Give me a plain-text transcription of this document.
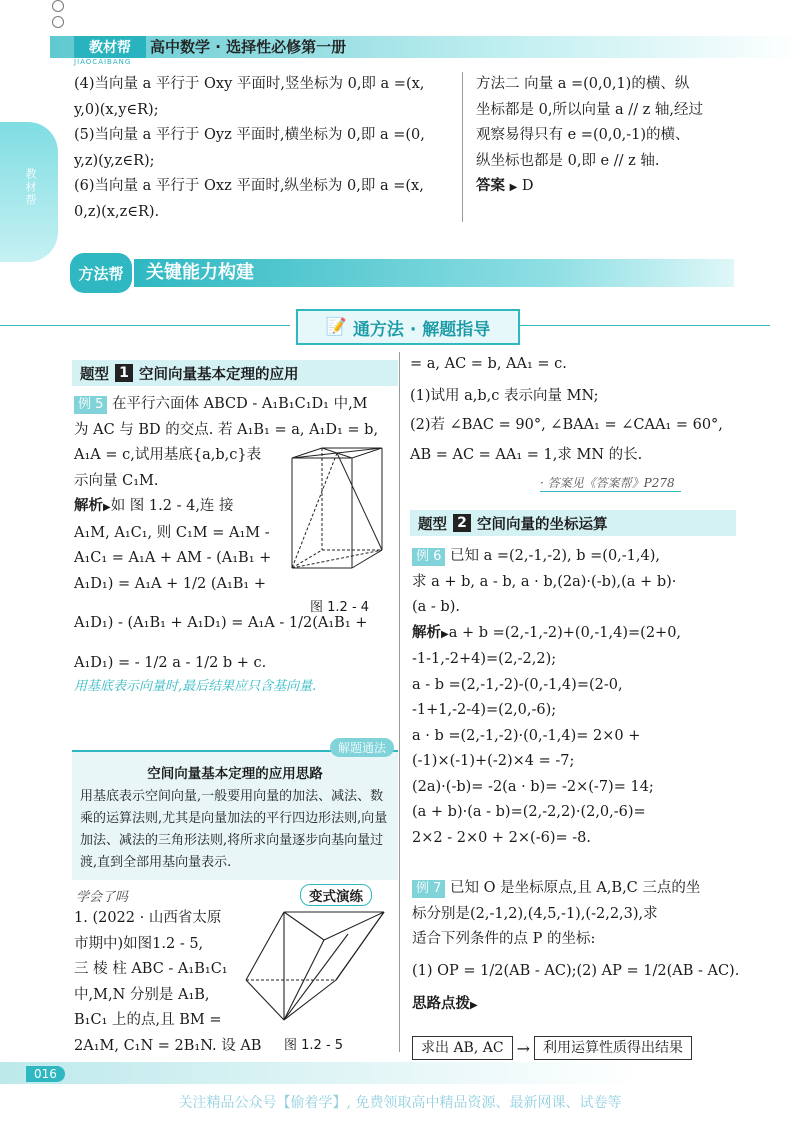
教材帮
JIAOCAIBANG
高中数学 · 选择性必修第一册
教材帮
(4)当向量 a 平行于 Oxy 平面时,竖坐标为 0,即 a =(x,
y,0)(x,y∈R);
(5)当向量 a 平行于 Oyz 平面时,横坐标为 0,即 a =(0,
y,z)(y,z∈R);
(6)当向量 a 平行于 Oxz 平面时,纵坐标为 0,即 a =(x,
0,z)(x,z∈R).
方法二 向量 a =(0,0,1)的横、纵
坐标都是 0,所以向量 a // z 轴,经过
观察易得只有 e =(0,0,-1)的横、
纵坐标也都是 0,即 e // z 轴.
答案 ▶ D
方法帮	关键能力构建
📝 通方法 · 解题指导
题型 1 空间向量基本定理的应用
例 5 在平行六面体 ABCD - A₁B₁C₁D₁ 中,M
为 AC 与 BD 的交点. 若 A₁B₁ = a, A₁D₁ = b,
A₁A = c,试用基底{a,b,c}表
示向量 C₁M.
解析▶如 图 1.2 - 4,连 接
A₁M, A₁C₁, 则 C₁M = A₁M -
A₁C₁ = A₁A + AM - (A₁B₁ +
A₁D₁) = A₁A + 1/2 (A₁B₁ +
A₁D₁) - (A₁B₁ + A₁D₁) = A₁A - 1/2(A₁B₁ +
A₁D₁) = - 1/2 a - 1/2 b + c.
用基底表示向量时,最后结果应只含基向量.
图 1.2 - 4
解题通法
空间向量基本定理的应用思路
用基底表示空间向量,一般要用向量的加法、减法、数乘的运算法则,尤其是向量加法的平行四边形法则,向量加法、减法的三角形法则,将所求向量逐步向基向量过渡,直到全部用基向量表示.
学会了吗	变式演练
1. (2022 · 山西省太原
市期中)如图1.2 - 5,
三 棱 柱 ABC - A₁B₁C₁
中,M,N 分别是 A₁B,
B₁C₁ 上的点,且 BM =
2A₁M, C₁N = 2B₁N. 设 AB 图 1.2 - 5
= a, AC = b, AA₁ = c.
(1)试用 a,b,c 表示向量 MN;
(2)若 ∠BAC = 90°, ∠BAA₁ = ∠CAA₁ = 60°,
AB = AC = AA₁ = 1,求 MN 的长.
· 答案见《答案帮》P278
题型 2 空间向量的坐标运算
例 6 已知 a =(2,-1,-2), b =(0,-1,4),
求 a + b, a - b, a · b,(2a)·(-b),(a + b)·
(a - b).
解析▶a + b =(2,-1,-2)+(0,-1,4)=(2+0,
-1-1,-2+4)=(2,-2,2);
a - b =(2,-1,-2)-(0,-1,4)=(2-0,
-1+1,-2-4)=(2,0,-6);
a · b =(2,-1,-2)·(0,-1,4)= 2×0 +
(-1)×(-1)+(-2)×4 = -7;
(2a)·(-b)= -2(a · b)= -2×(-7)= 14;
(a + b)·(a - b)=(2,-2,2)·(2,0,-6)=
2×2 - 2×0 + 2×(-6)= -8.
例 7 已知 O 是坐标原点,且 A,B,C 三点的坐
标分别是(2,-1,2),(4,5,-1),(-2,2,3),求
适合下列条件的点 P 的坐标:
(1) OP = 1/2(AB - AC);(2) AP = 1/2(AB - AC).
思路点拨▶
求出 AB, AC → 利用运算性质得出结果
016
关注精品公众号【偷着学】, 免费领取高中精品资源、最新网课、试卷等
